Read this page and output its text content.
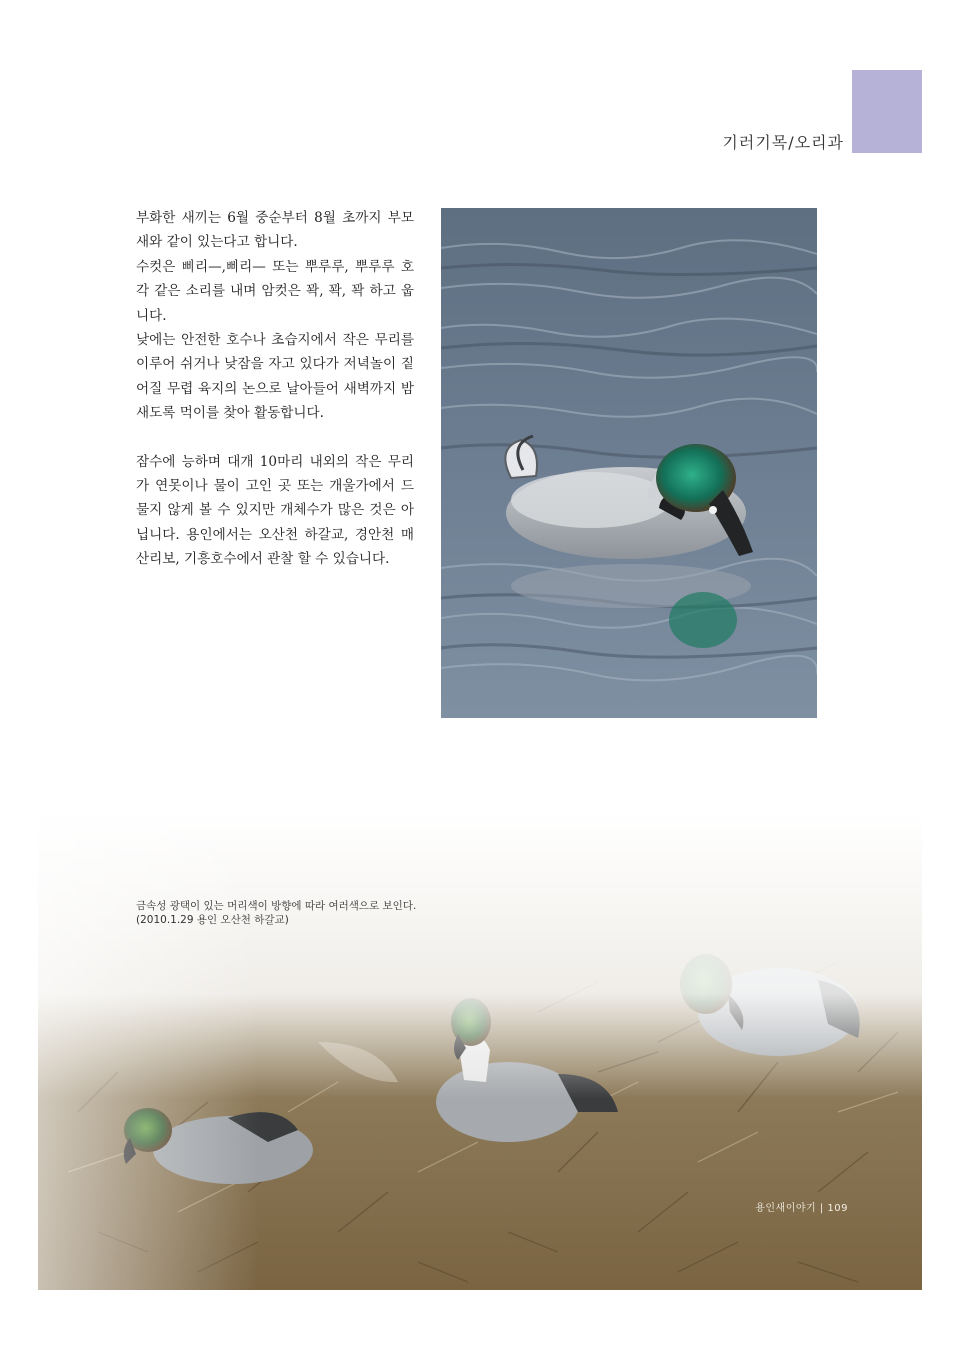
기러기목/오리과

부화한 새끼는 6월 중순부터 8월 초까지 부모새와 같이 있는다고 합니다.

수컷은 삐리—,삐리— 또는 뿌루루, 뿌루루 호각 같은 소리를 내며 암컷은 꽉, 꽉, 꽉 하고 웁니다.

낮에는 안전한 호수나 초습지에서 작은 무리를 이루어 쉬거나 낮잠을 자고 있다가 저녁놀이 짙어질 무렵 육지의 논으로 날아들어 새벽까지 밤새도록 먹이를 찾아 활동합니다.

잠수에 능하며 대개 10마리 내외의 작은 무리가 연못이나 물이 고인 곳 또는 개울가에서 드물지 않게 볼 수 있지만 개체수가 많은 것은 아닙니다. 용인에서는 오산천 하갈교, 경안천 매산리보, 기흥호수에서 관찰 할 수 있습니다.

금속성 광택이 있는 머리색이 방향에 따라 여러색으로 보인다.
(2010.1.29 용인 오산천 하갈교)
용인새이야기 | 109
